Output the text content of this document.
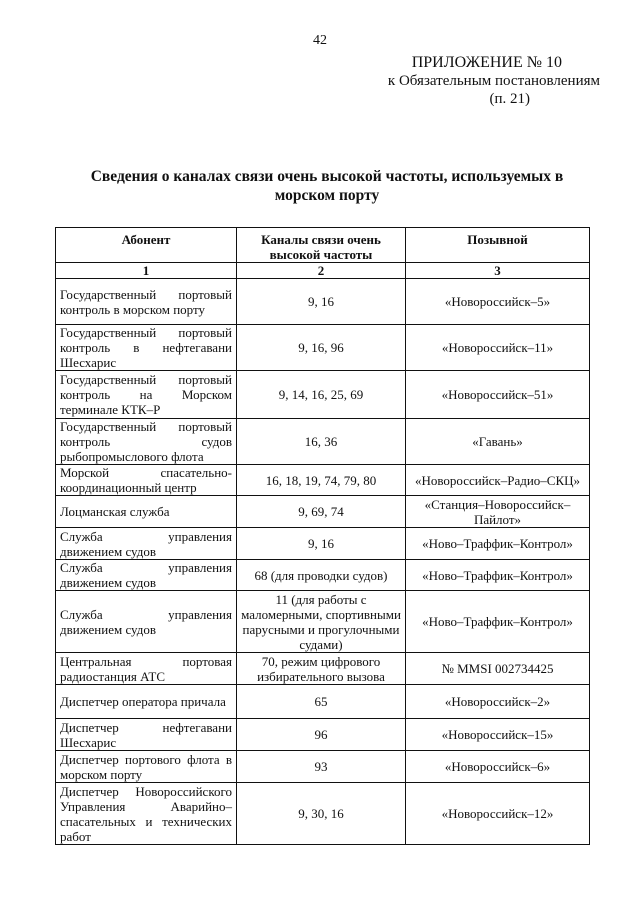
42
ПРИЛОЖЕНИЕ № 10
к Обязательным постановлениям
(п. 21)
Сведения о каналах связи очень высокой частоты, используемых в морском порту
Абонент	Каналы связи очень высокой частоты	Позывной
1	2	3
Государственный портовый контроль в морском порту	9, 16	«Новороссийск–5»
Государственный портовый контроль в нефтегавани Шесхарис	9, 16, 96	«Новороссийск–11»
Государственный портовый контроль на Морском терминале КТК–Р	9, 14, 16, 25, 69	«Новороссийск–51»
Государственный портовый контроль судов рыбопромыслового флота	16, 36	«Гавань»
Морской спасательно-координационный центр	16, 18, 19, 74, 79, 80	«Новороссийск–Радио–СКЦ»
Лоцманская служба	9, 69, 74	«Станция–Новороссийск–Пайлот»
Служба управления движением судов	9, 16	«Ново–Траффик–Контрол»
Служба управления движением судов	68 (для проводки судов)	«Ново–Траффик–Контрол»
Служба управления движением судов	11 (для работы с маломерными, спортивными парусными и прогулочными судами)	«Ново–Траффик–Контрол»
Центральная портовая радиостанция АТС	70, режим цифрового избирательного вызова	№ MMSI 002734425
Диспетчер оператора причала	65	«Новороссийск–2»
Диспетчер нефтегавани Шесхарис	96	«Новороссийск–15»
Диспетчер портового флота в морском порту	93	«Новороссийск–6»
Диспетчер Новороссийского Управления Аварийно–спасательных и технических работ	9, 30, 16	«Новороссийск–12»
